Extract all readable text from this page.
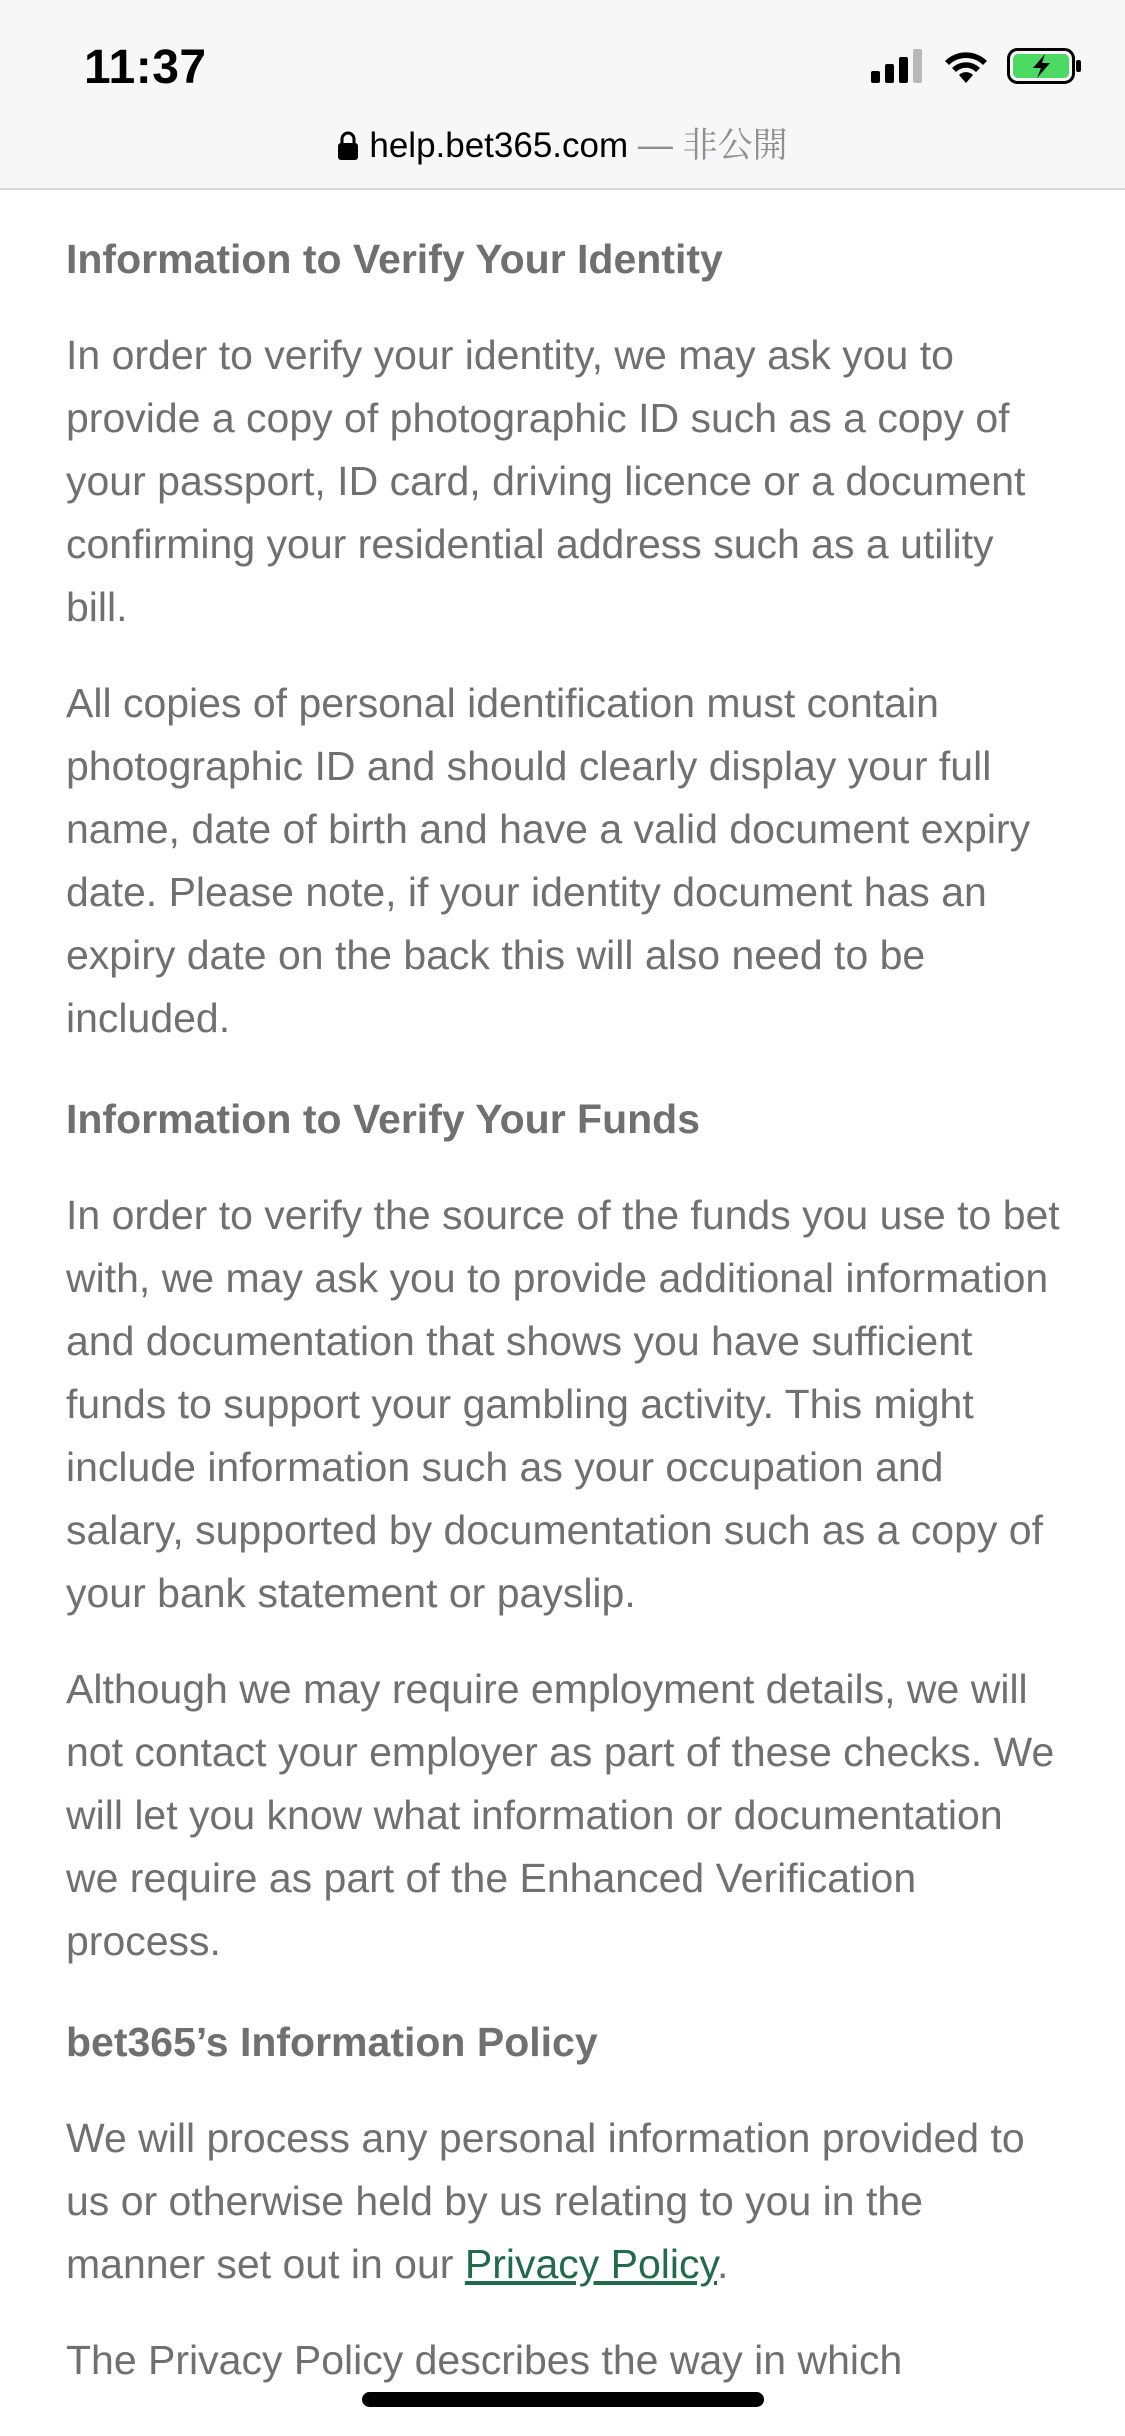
11:37
help.bet365.com — 非公開
Information to Verify Your Identity

In order to verify your identity, we may ask you to provide a copy of photographic ID such as a copy of your passport, ID card, driving licence or a document confirming your residential address such as a utility bill.

All copies of personal identification must contain photographic ID and should clearly display your full name, date of birth and have a valid document expiry date. Please note, if your identity document has an expiry date on the back this will also need to be included.

Information to Verify Your Funds

In order to verify the source of the funds you use to bet with, we may ask you to provide additional information and documentation that shows you have sufficient funds to support your gambling activity. This might include information such as your occupation and salary, supported by documentation such as a copy of your bank statement or payslip.

Although we may require employment details, we will not contact your employer as part of these checks. We will let you know what information or documentation we require as part of the Enhanced Verification process.

bet365’s Information Policy

We will process any personal information provided to us or otherwise held by us relating to you in the manner set out in our Privacy Policy.

The Privacy Policy describes the way in which
